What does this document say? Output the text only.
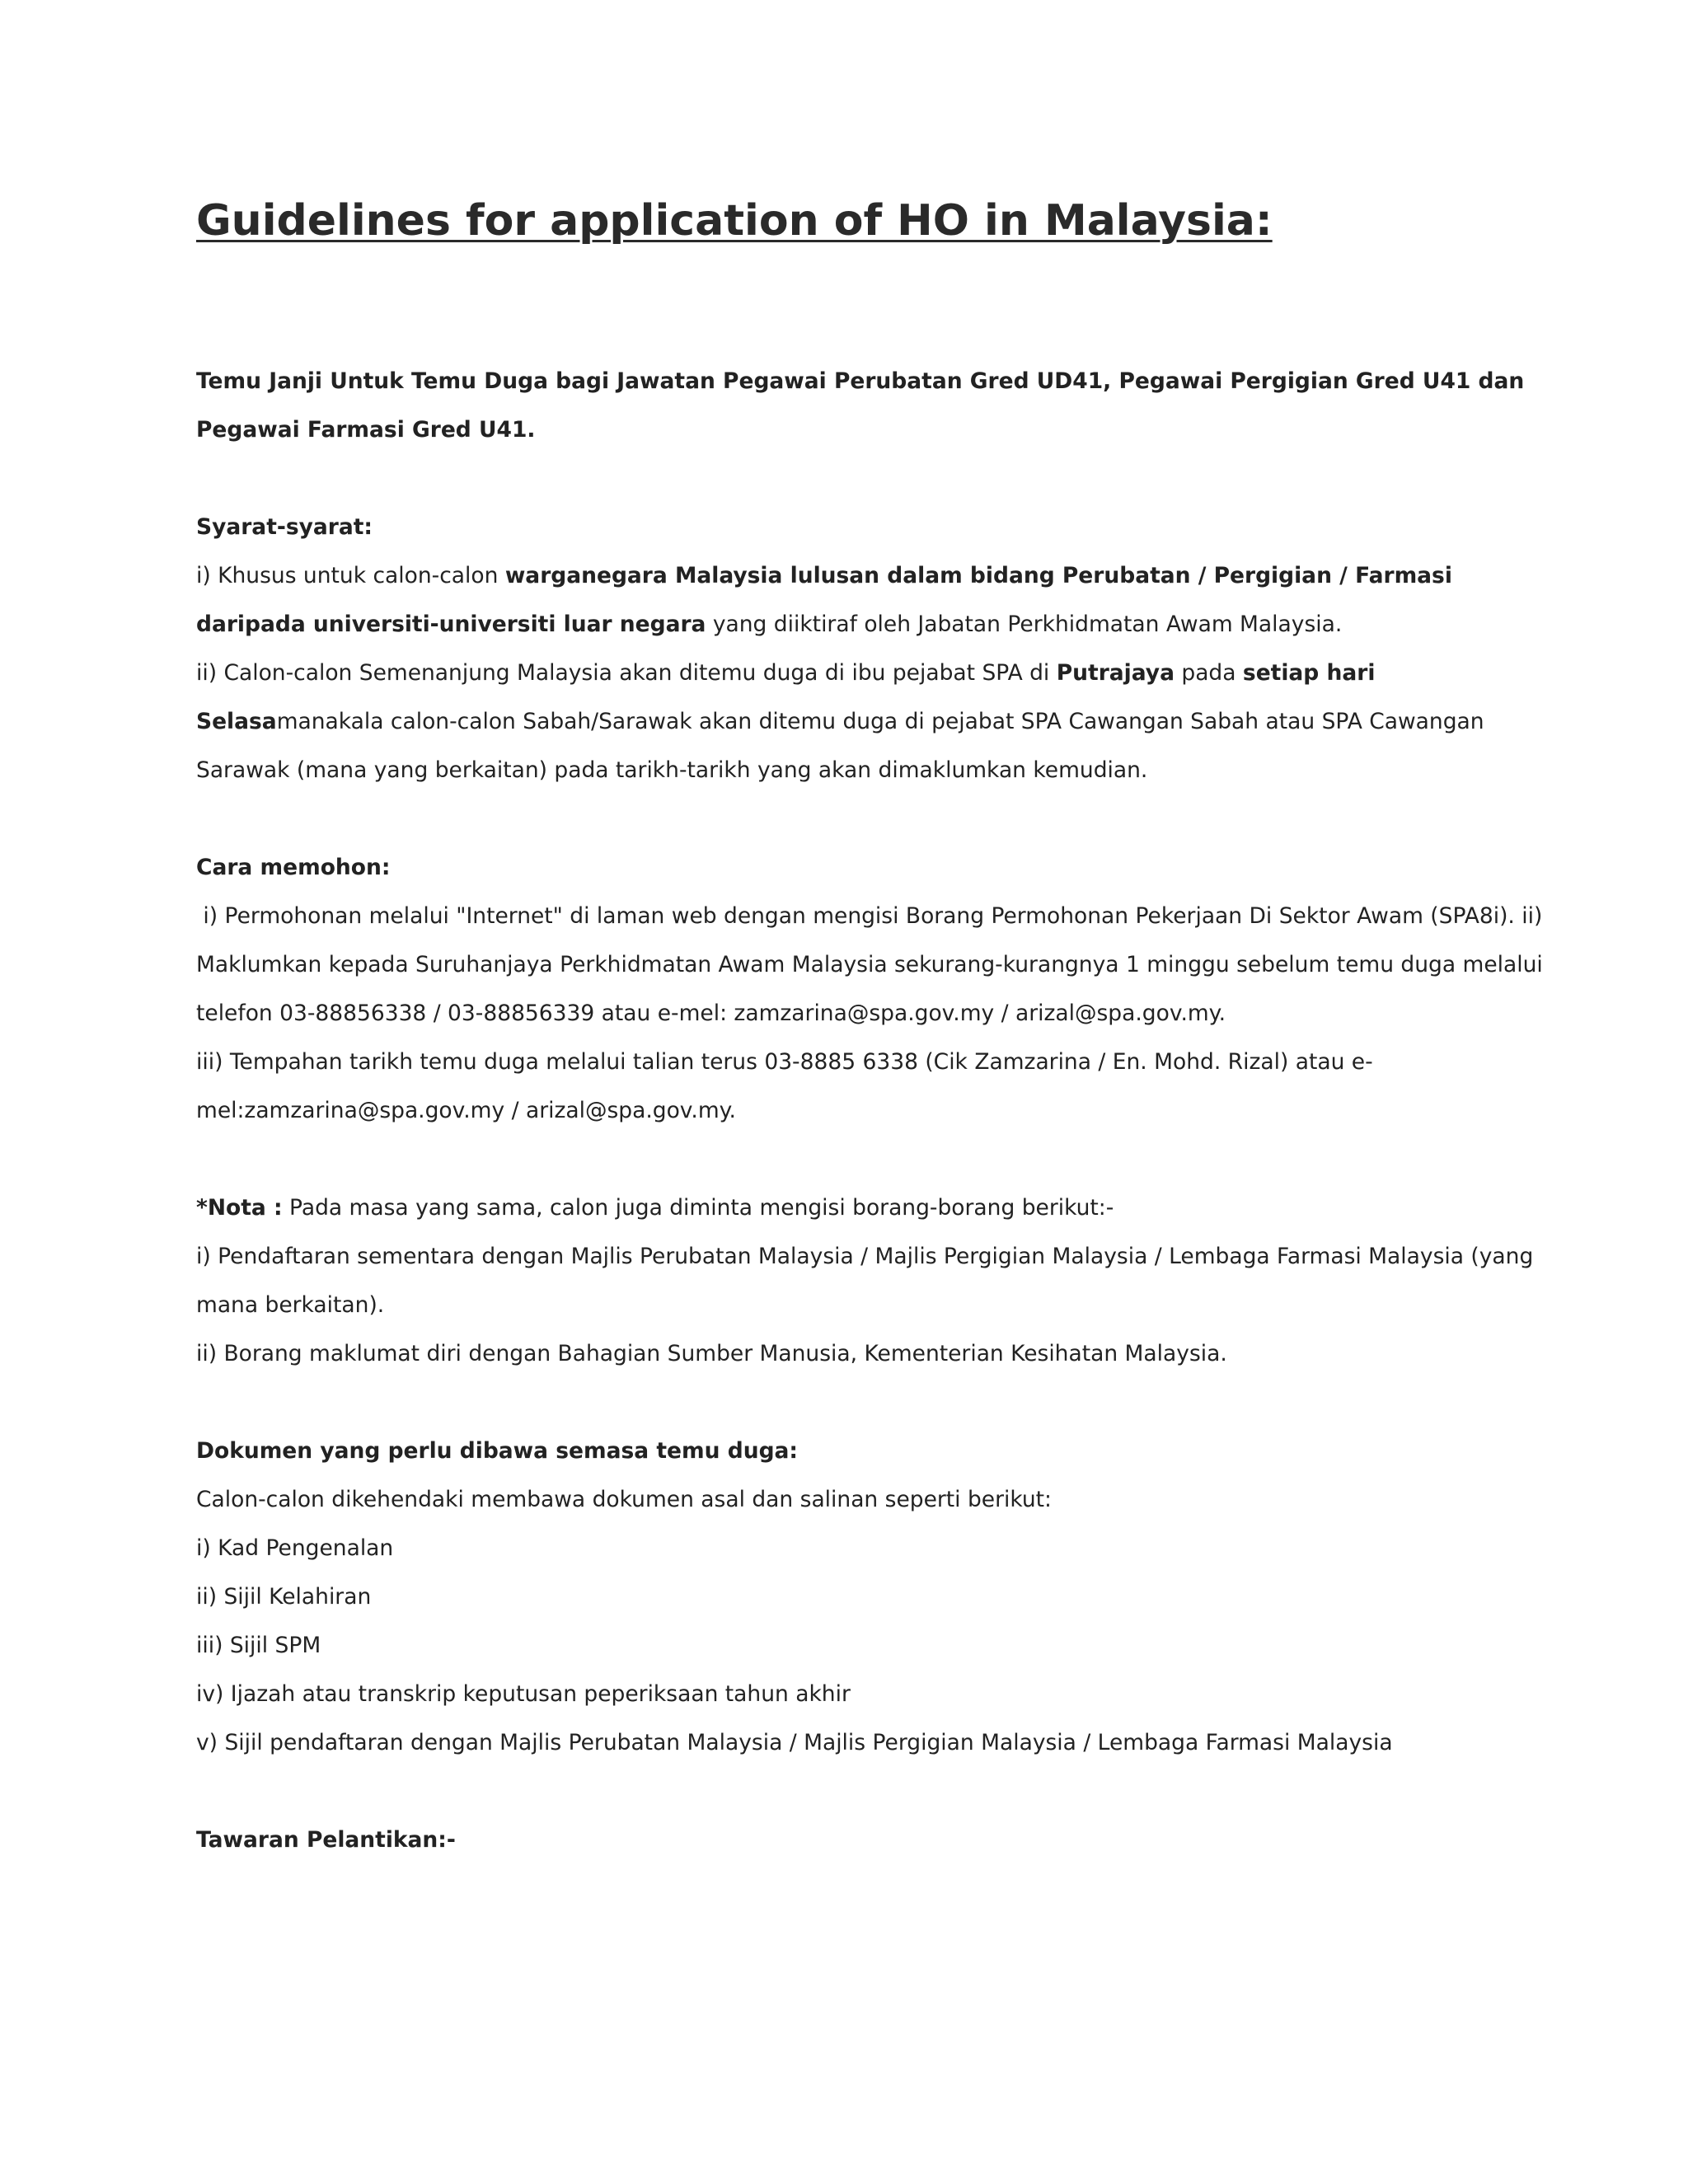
Guidelines for application of HO in Malaysia:
Temu Janji Untuk Temu Duga bagi Jawatan Pegawai Perubatan Gred UD41, Pegawai Pergigian Gred U41 dan
Pegawai Farmasi Gred U41.
Syarat-syarat:
i) Khusus untuk calon-calon warganegara Malaysia lulusan dalam bidang Perubatan / Pergigian / Farmasi
daripada universiti-universiti luar negara yang diiktiraf oleh Jabatan Perkhidmatan Awam Malaysia.
ii) Calon-calon Semenanjung Malaysia akan ditemu duga di ibu pejabat SPA di Putrajaya pada setiap hari
Selasamanakala calon-calon Sabah/Sarawak akan ditemu duga di pejabat SPA Cawangan Sabah atau SPA Cawangan
Sarawak (mana yang berkaitan) pada tarikh-tarikh yang akan dimaklumkan kemudian.
Cara memohon:
i) Permohonan melalui "Internet" di laman web dengan mengisi Borang Permohonan Pekerjaan Di Sektor Awam (SPA8i). ii)
Maklumkan kepada Suruhanjaya Perkhidmatan Awam Malaysia sekurang-kurangnya 1 minggu sebelum temu duga melalui
telefon 03-88856338 / 03-88856339 atau e-mel: zamzarina@spa.gov.my / arizal@spa.gov.my.
iii) Tempahan tarikh temu duga melalui talian terus 03-8885 6338 (Cik Zamzarina / En. Mohd. Rizal) atau e-
mel:zamzarina@spa.gov.my / arizal@spa.gov.my.
*Nota : Pada masa yang sama, calon juga diminta mengisi borang-borang berikut:-
i) Pendaftaran sementara dengan Majlis Perubatan Malaysia / Majlis Pergigian Malaysia / Lembaga Farmasi Malaysia (yang
mana berkaitan).
ii) Borang maklumat diri dengan Bahagian Sumber Manusia, Kementerian Kesihatan Malaysia.
Dokumen yang perlu dibawa semasa temu duga:
Calon-calon dikehendaki membawa dokumen asal dan salinan seperti berikut:
i) Kad Pengenalan
ii) Sijil Kelahiran
iii) Sijil SPM
iv) Ijazah atau transkrip keputusan peperiksaan tahun akhir
v) Sijil pendaftaran dengan Majlis Perubatan Malaysia / Majlis Pergigian Malaysia / Lembaga Farmasi Malaysia
Tawaran Pelantikan:-
